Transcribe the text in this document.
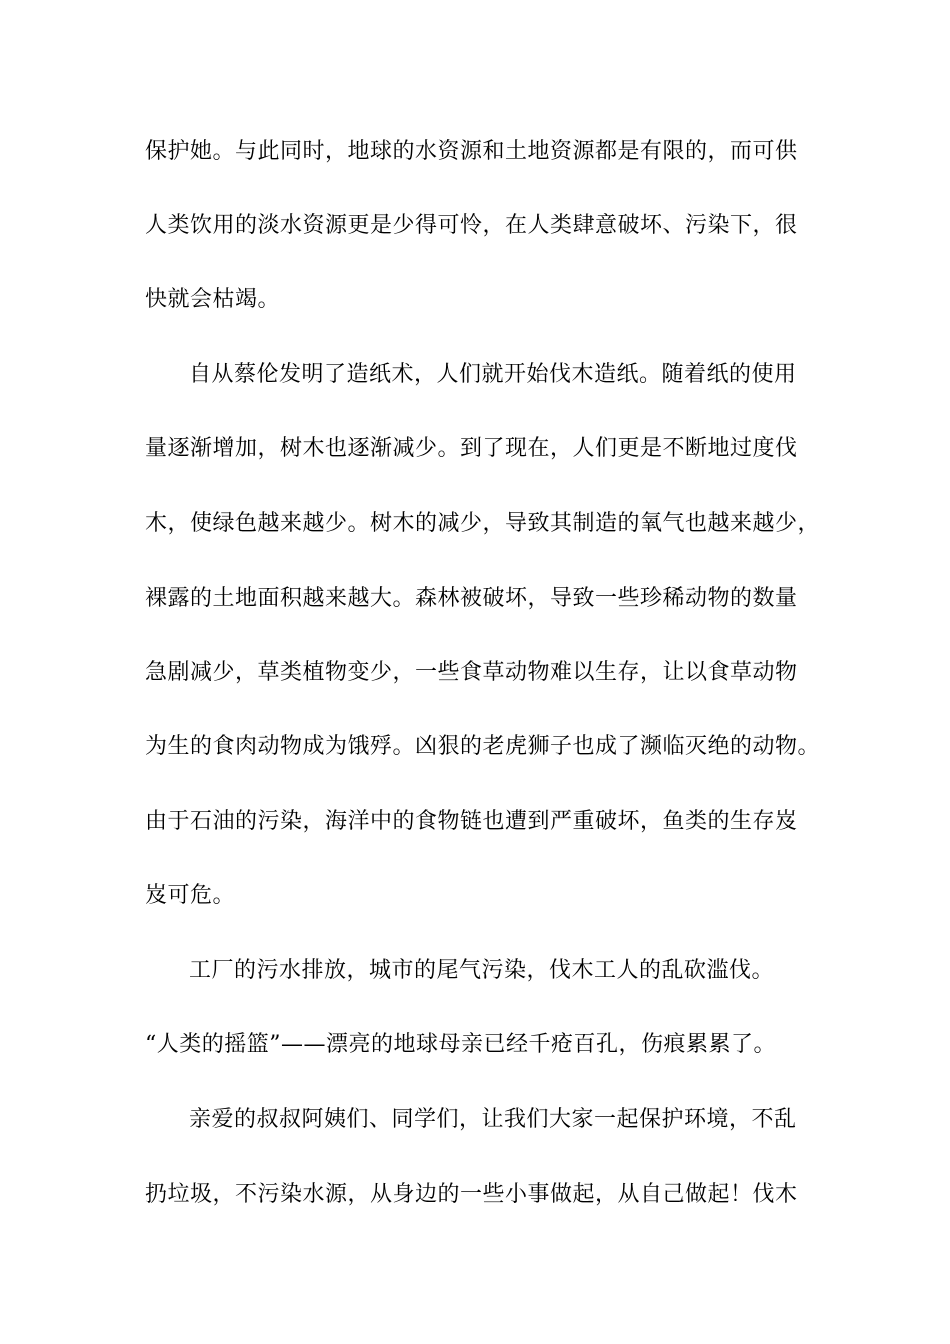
保护她。与此同时，地球的水资源和土地资源都是有限的，而可供
人类饮用的淡水资源更是少得可怜，在人类肆意破坏、污染下，很
快就会枯竭。
自从蔡伦发明了造纸术，人们就开始伐木造纸。随着纸的使用
量逐渐增加，树木也逐渐减少。到了现在，人们更是不断地过度伐
木，使绿色越来越少。树木的减少，导致其制造的氧气也越来越少，
裸露的土地面积越来越大。森林被破坏，导致一些珍稀动物的数量
急剧减少，草类植物变少，一些食草动物难以生存，让以食草动物
为生的食肉动物成为饿殍。凶狠的老虎狮子也成了濒临灭绝的动物。
由于石油的污染，海洋中的食物链也遭到严重破坏，鱼类的生存岌
岌可危。
工厂的污水排放，城市的尾气污染，伐木工人的乱砍滥伐。
“人类的摇篮”——漂亮的地球母亲已经千疮百孔，伤痕累累了。
亲爱的叔叔阿姨们、同学们，让我们大家一起保护环境，不乱
扔垃圾，不污染水源，从身边的一些小事做起，从自己做起！伐木
